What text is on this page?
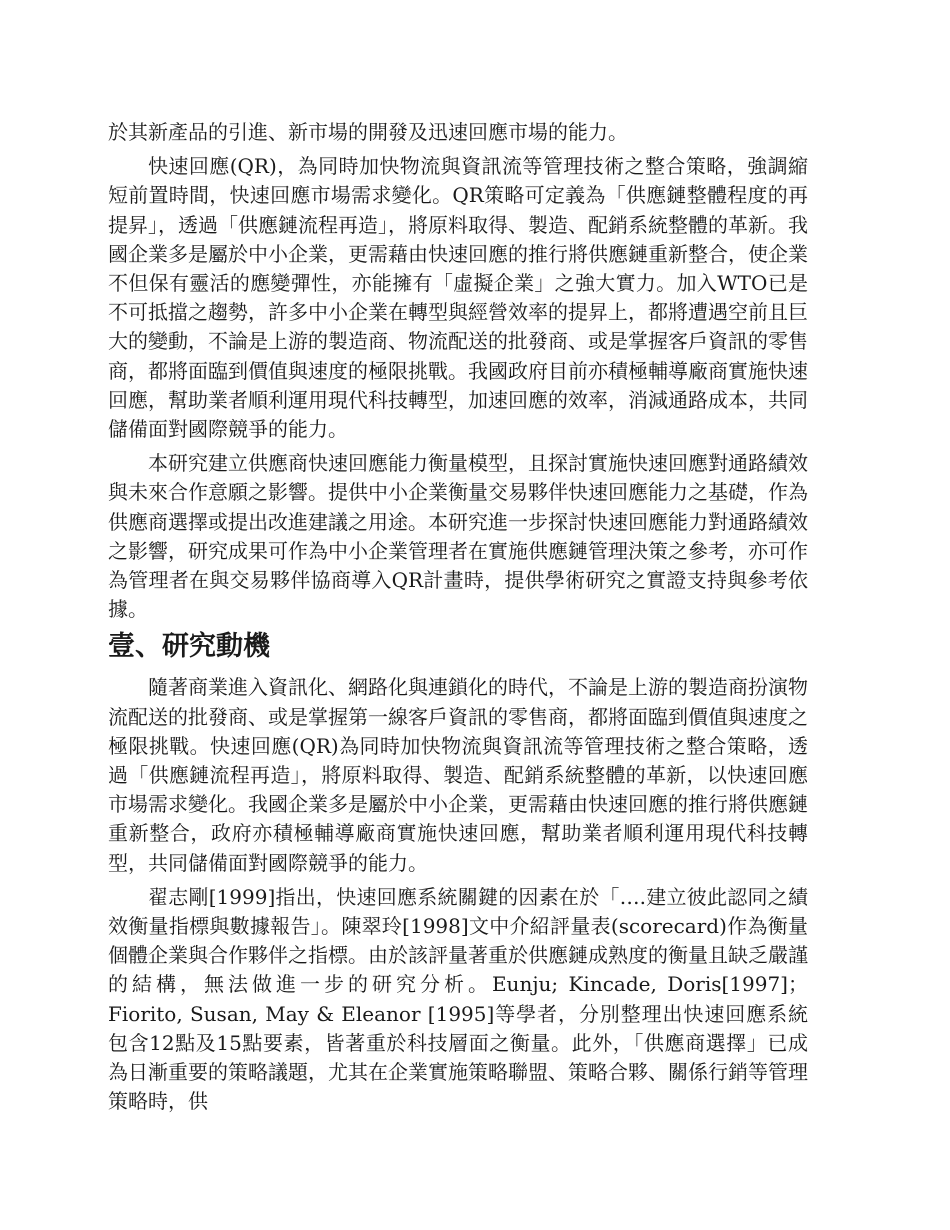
於其新產品的引進、新市場的開發及迅速回應市場的能力。

快速回應(QR)，為同時加快物流與資訊流等管理技術之整合策略，強調縮短前置時間，快速回應市場需求變化。QR策略可定義為「供應鏈整體程度的再提昇」，透過「供應鏈流程再造」，將原料取得、製造、配銷系統整體的革新。我國企業多是屬於中小企業，更需藉由快速回應的推行將供應鏈重新整合，使企業不但保有靈活的應變彈性，亦能擁有「虛擬企業」之強大實力。加入WTO已是不可抵擋之趨勢，許多中小企業在轉型與經營效率的提昇上，都將遭遇空前且巨大的變動，不論是上游的製造商、物流配送的批發商、或是掌握客戶資訊的零售商，都將面臨到價值與速度的極限挑戰。我國政府目前亦積極輔導廠商實施快速回應，幫助業者順利運用現代科技轉型，加速回應的效率，消減通路成本，共同儲備面對國際競爭的能力。

本研究建立供應商快速回應能力衡量模型，且探討實施快速回應對通路績效與未來合作意願之影響。提供中小企業衡量交易夥伴快速回應能力之基礎，作為供應商選擇或提出改進建議之用途。本研究進一步探討快速回應能力對通路績效之影響，研究成果可作為中小企業管理者在實施供應鏈管理決策之參考，亦可作為管理者在與交易夥伴協商導入QR計畫時，提供學術研究之實證支持與參考依據。

壹、研究動機

隨著商業進入資訊化、網路化與連鎖化的時代，不論是上游的製造商扮演物流配送的批發商、或是掌握第一線客戶資訊的零售商，都將面臨到價值與速度之極限挑戰。快速回應(QR)為同時加快物流與資訊流等管理技術之整合策略，透過「供應鏈流程再造」，將原料取得、製造、配銷系統整體的革新，以快速回應市場需求變化。我國企業多是屬於中小企業，更需藉由快速回應的推行將供應鏈重新整合，政府亦積極輔導廠商實施快速回應，幫助業者順利運用現代科技轉型，共同儲備面對國際競爭的能力。

翟志剛[1999]指出，快速回應系統關鍵的因素在於「….建立彼此認同之績效衡量指標與數據報告」。陳翠玲[1998]文中介紹評量表(scorecard)作為衡量個體企業與合作夥伴之指標。由於該評量著重於供應鏈成熟度的衡量且缺乏嚴謹的結構，無法做進一步的研究分析。Eunju; Kincade, Doris[1997]；Fiorito, Susan, May & Eleanor [1995]等學者，分別整理出快速回應系統包含12點及15點要素，皆著重於科技層面之衡量。此外，「供應商選擇」已成為日漸重要的策略議題，尤其在企業實施策略聯盟、策略合夥、關係行銷等管理策略時，供
